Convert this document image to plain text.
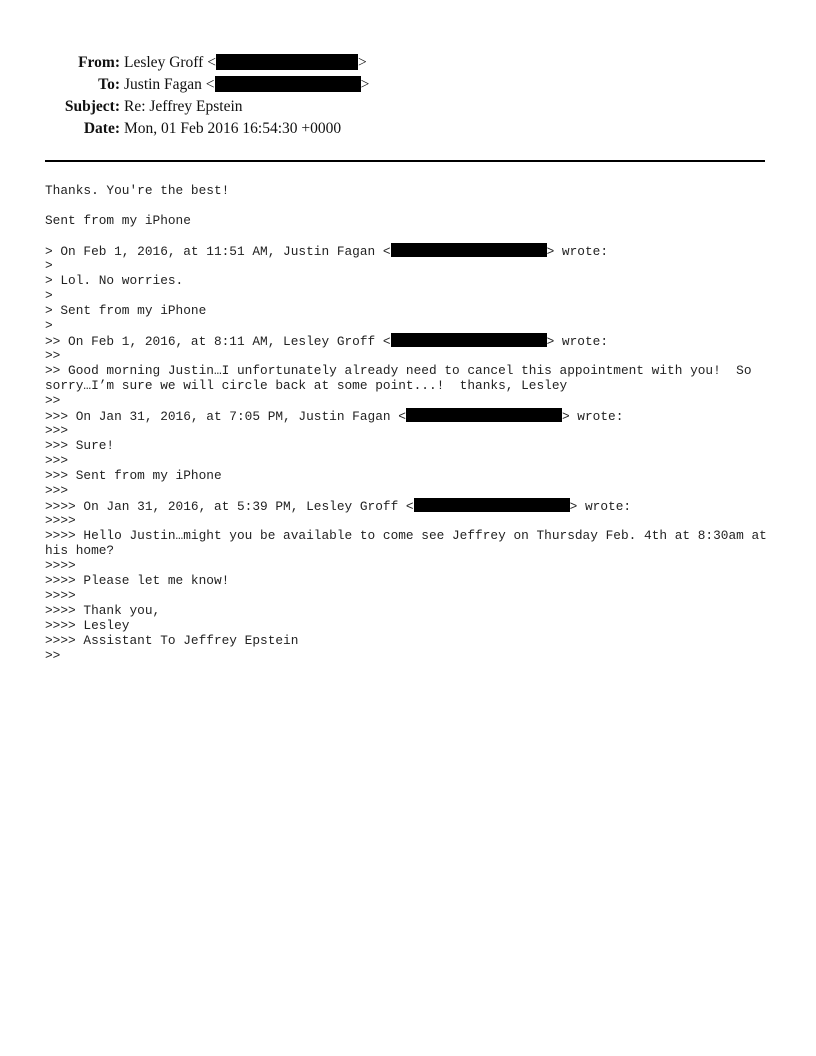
From: Lesley Groff <	>
To: Justin Fagan <	>
Subject: Re: Jeffrey Epstein
Date: Mon, 01 Feb 2016 16:54:30 +0000
Thanks. You're the best!
Sent from my iPhone
> On Feb 1, 2016, at 11:51 AM, Justin Fagan <	> wrote:
>
> Lol. No worries.
>
> Sent from my iPhone
>
>> On Feb 1, 2016, at 8:11 AM, Lesley Groff <	> wrote:
>>
>> Good morning Justin…I unfortunately already need to cancel this appointment with you!  So sorry…I’m sure we will circle back at some point...!  thanks, Lesley
>>
>>> On Jan 31, 2016, at 7:05 PM, Justin Fagan <	> wrote:
>>>
>>> Sure!
>>>
>>> Sent from my iPhone
>>>
>>>> On Jan 31, 2016, at 5:39 PM, Lesley Groff <	> wrote:
>>>>
>>>> Hello Justin…might you be available to come see Jeffrey on Thursday Feb. 4th at 8:30am at his home?
>>>>
>>>> Please let me know!
>>>>
>>>> Thank you,
>>>> Lesley
>>>> Assistant To Jeffrey Epstein
>>
